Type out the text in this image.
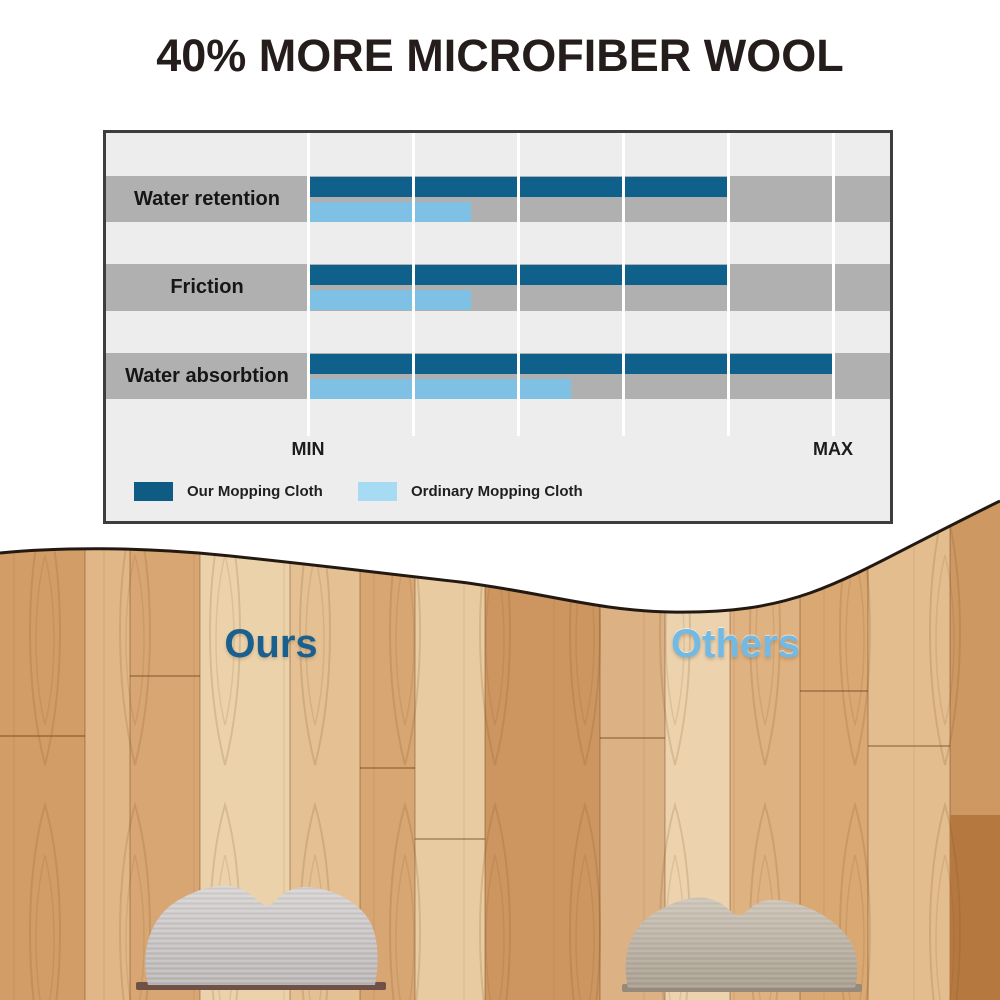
40% MORE MICROFIBER WOOL
Water retention
Friction
Water absorbtion
MIN	MAX
Our Mopping Cloth	Ordinary Mopping Cloth
Ours	Others
